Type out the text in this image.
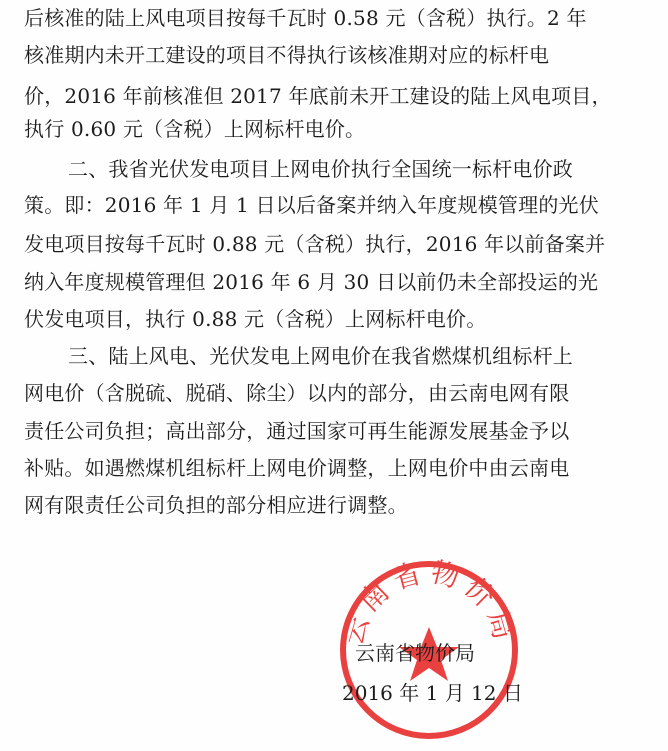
后核准的陆上风电项目按每千瓦时 0.58 元（含税）执行。2 年
核准期内未开工建设的项目不得执行该核准期对应的标杆电
价，2016 年前核准但 2017 年底前未开工建设的陆上风电项目，
执行 0.60 元（含税）上网标杆电价。
二、我省光伏发电项目上网电价执行全国统一标杆电价政
策。即：2016 年 1 月 1 日以后备案并纳入年度规模管理的光伏
发电项目按每千瓦时 0.88 元（含税）执行，2016 年以前备案并
纳入年度规模管理但 2016 年 6 月 30 日以前仍未全部投运的光
伏发电项目，执行 0.88 元（含税）上网标杆电价。
三、陆上风电、光伏发电上网电价在我省燃煤机组标杆上
网电价（含脱硫、脱硝、除尘）以内的部分，由云南电网有限
责任公司负担；高出部分，通过国家可再生能源发展基金予以
补贴。如遇燃煤机组标杆上网电价调整，上网电价中由云南电
网有限责任公司负担的部分相应进行调整。
云南省物价局
云南省物价局
2016 年 1 月 12 日
